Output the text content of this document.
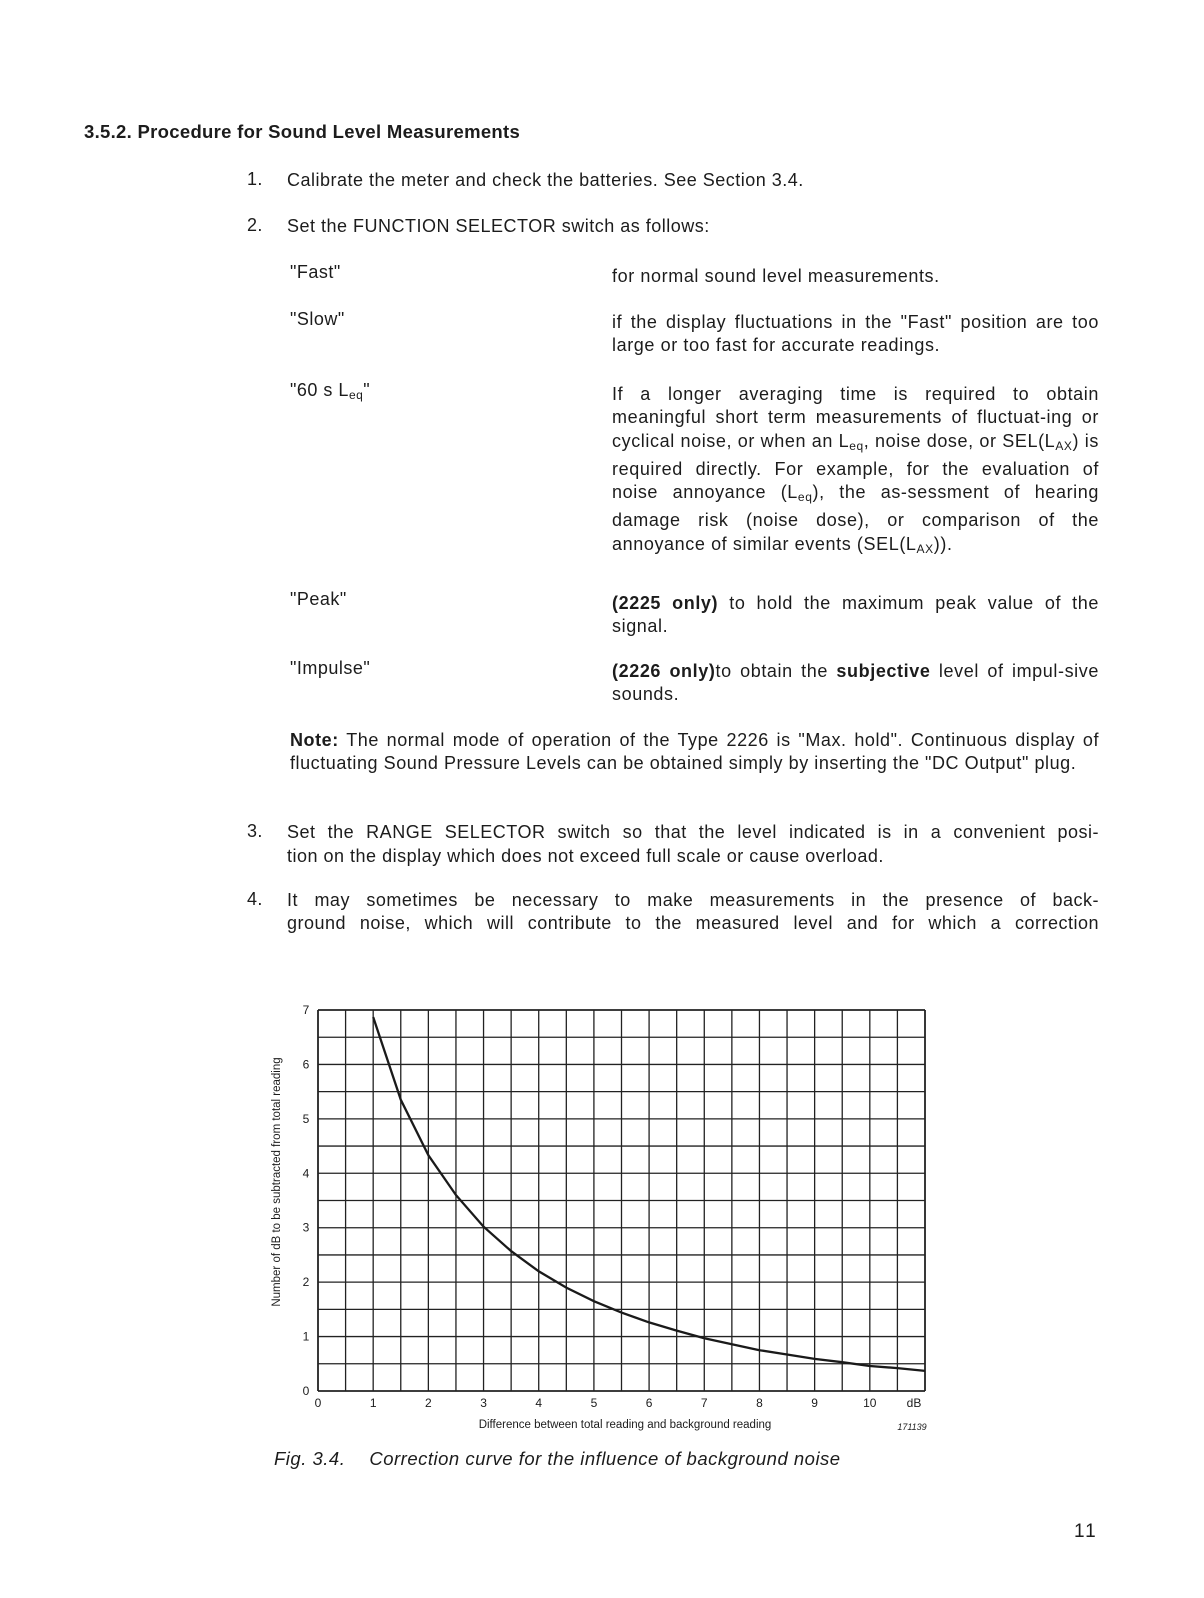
3.5.2. Procedure for Sound Level Measurements
1. Calibrate the meter and check the batteries. See Section 3.4.
2. Set the FUNCTION SELECTOR switch as follows:
"Fast"	for normal sound level measurements.
"Slow"	if the display fluctuations in the "Fast" position are too large or too fast for accurate readings.
"60 s $L_{eq}$"	If a longer averaging time is required to obtain meaningful short term measurements of fluctuat-ing or cyclical noise, or when an $L_{eq}$, noise dose, or $SEL(L_{AX})$ is required directly. For example, for the evaluation of noise annoyance $(L_{eq})$, the as-sessment of hearing damage risk (noise dose), or comparison of the annoyance of similar events $(SEL(L_{AX}))$.
"Peak"	(2225 only) to hold the maximum peak value of the signal.
"Impulse"	(2226 only)to obtain the subjective level of impul-sive sounds.
Note: The normal mode of operation of the Type 2226 is "Max. hold". Continuous display of fluctuating Sound Pressure Levels can be obtained simply by inserting the "DC Output" plug.
3. Set the RANGE SELECTOR switch so that the level indicated is in a convenient posi-
tion on the display which does not exceed full scale or cause overload.
4. It may sometimes be necessary to make measurements in the presence of back-
ground noise, which will contribute to the measured level and for which a correction
0	1	2	3	4	5	6	7	8	9	10
0
1
2
3
4
5
6
7
Number of dB to be subtracted from total reading
Difference between total reading and background reading
dB
171139
Fig. 3.4. Correction curve for the influence of background noise
11
